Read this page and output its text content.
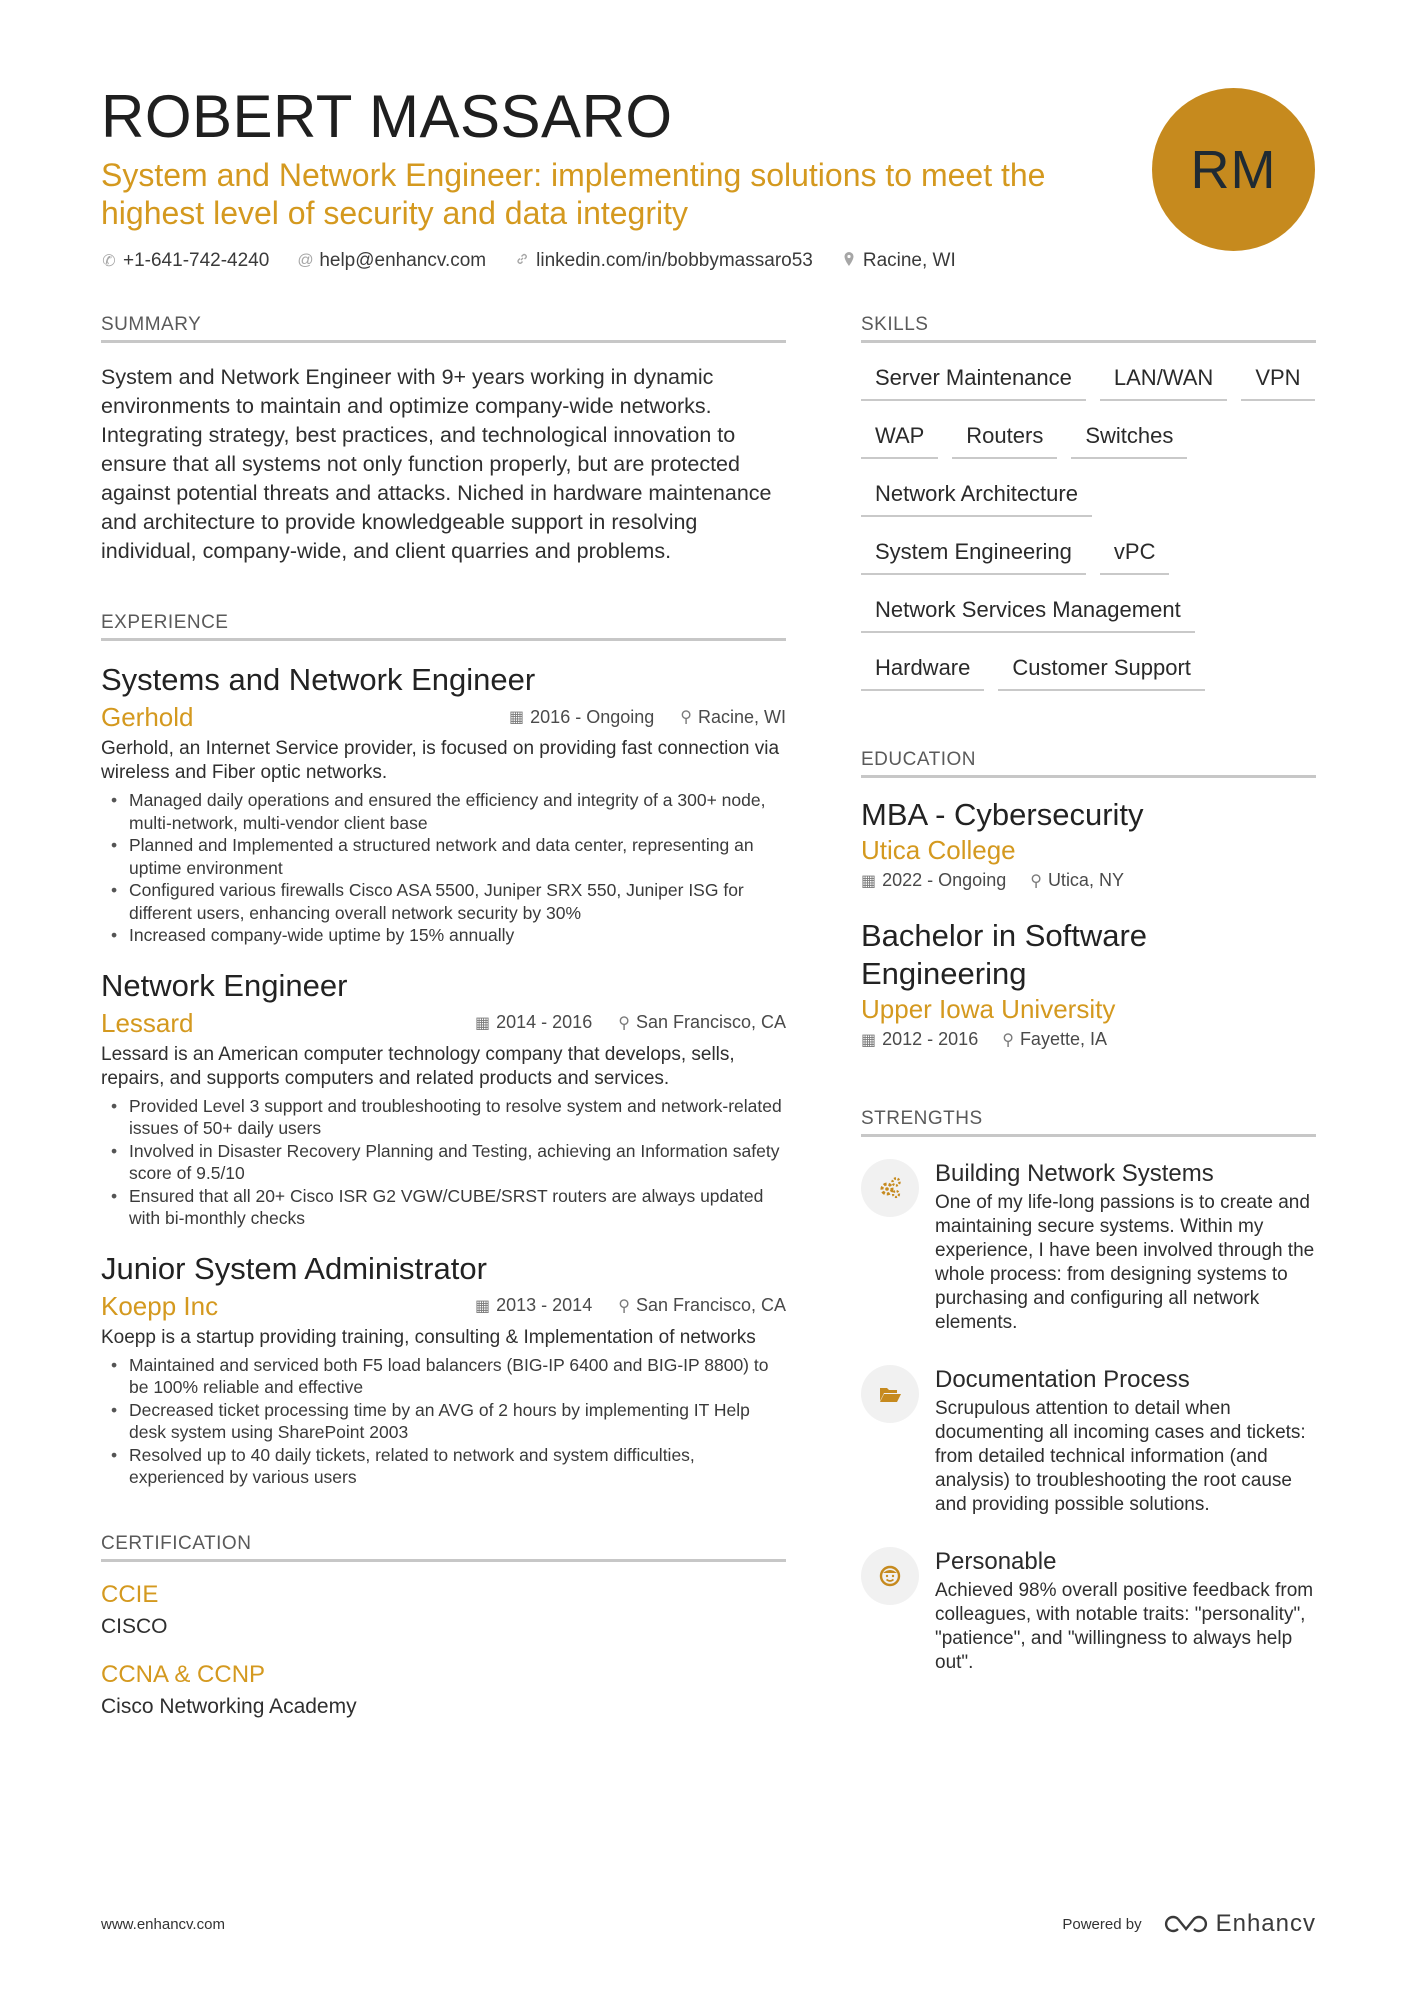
ROBERT MASSARO
System and Network Engineer: implementing solutions to meet the highest level of security and data integrity
✆ +1-641-742-4240 @ help@enhancv.com	linkedin.com/in/bobbymassaro53	Racine, WI
RM
SUMMARY

System and Network Engineer with 9+ years working in dynamic environments to maintain and optimize company-wide networks. Integrating strategy, best practices, and technological innovation to ensure that all systems not only function properly, but are protected against potential threats and attacks. Niched in hardware maintenance and architecture to provide knowledgeable support in resolving individual, company-wide, and client quarries and problems.

EXPERIENCE
Systems and Network Engineer
Gerhold	▦ 2016 - Ongoing ⚲ Racine, WI
Gerhold, an Internet Service provider, is focused on providing fast connection via wireless and Fiber optic networks.
• Managed daily operations and ensured the efficiency and integrity of a 300+ node, multi-network, multi-vendor client base
• Planned and Implemented a structured network and data center, representing an uptime environment
• Configured various firewalls Cisco ASA 5500, Juniper SRX 550, Juniper ISG for different users, enhancing overall network security by 30%
• Increased company-wide uptime by 15% annually
Network Engineer
Lessard	▦ 2014 - 2016 ⚲ San Francisco, CA
Lessard is an American computer technology company that develops, sells, repairs, and supports computers and related products and services.
• Provided Level 3 support and troubleshooting to resolve system and network-related issues of 50+ daily users
• Involved in Disaster Recovery Planning and Testing, achieving an Information safety score of 9.5/10
• Ensured that all 20+ Cisco ISR G2 VGW/CUBE/SRST routers are always updated with bi-monthly checks
Junior System Administrator
Koepp Inc	▦ 2013 - 2014 ⚲ San Francisco, CA
Koepp is a startup providing training, consulting & Implementation of networks
• Maintained and serviced both F5 load balancers (BIG-IP 6400 and BIG-IP 8800) to be 100% reliable and effective
• Decreased ticket processing time by an AVG of 2 hours by implementing IT Help desk system using SharePoint 2003
• Resolved up to 40 daily tickets, related to network and system difficulties, experienced by various users
CERTIFICATION
CCIE
CISCO
CCNA & CCNP
Cisco Networking Academy
SKILLS
Server Maintenance	LAN/WAN	VPN
WAP	Routers	Switches
Network Architecture
System Engineering	vPC
Network Services Management
Hardware	Customer Support
EDUCATION
MBA - Cybersecurity
Utica College
▦ 2022 - Ongoing ⚲ Utica, NY
Bachelor in Software Engineering
Upper Iowa University
▦ 2012 - 2016 ⚲ Fayette, IA
STRENGTHS
Building Network Systems
One of my life-long passions is to create and maintaining secure systems. Within my experience, I have been involved through the whole process: from designing systems to purchasing and configuring all network elements.
Documentation Process
Scrupulous attention to detail when documenting all incoming cases and tickets: from detailed technical information (and analysis) to troubleshooting the root cause and providing possible solutions.
Personable
Achieved 98% overall positive feedback from colleagues, with notable traits: "personality", "patience", and "willingness to always help out".
www.enhancv.com	Powered by	Enhancv
